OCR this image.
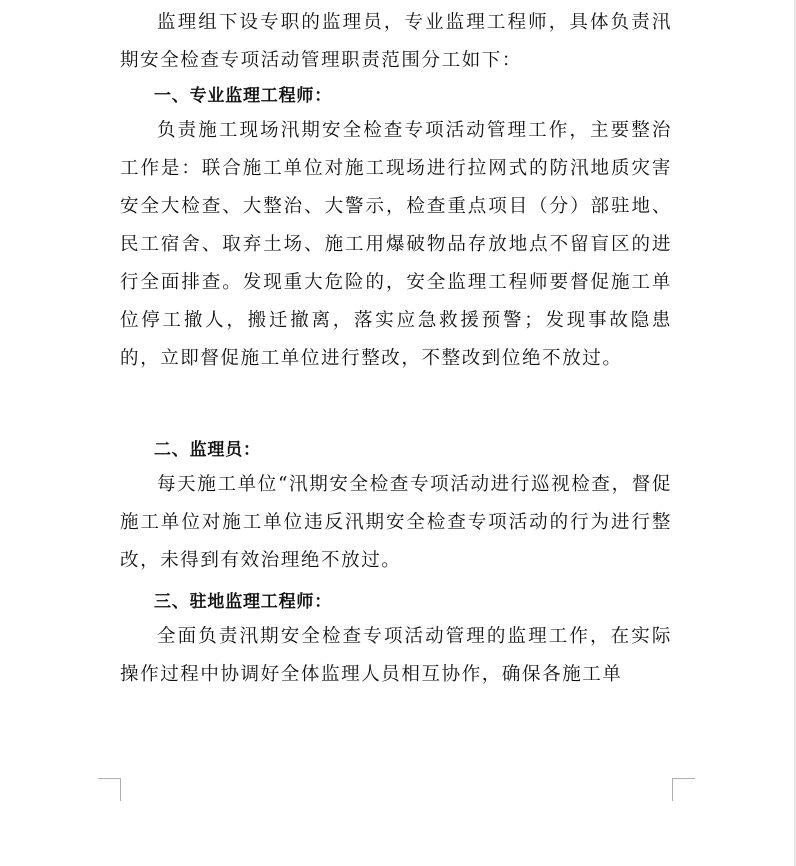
监理组下设专职的监理员，专业监理工程师，具体负责汛期安全检查专项活动管理职责范围分工如下：

一、专业监理工程师：

负责施工现场汛期安全检查专项活动管理工作，主要整治工作是：联合施工单位对施工现场进行拉网式的防汛地质灾害安全大检查、大整治、大警示，检查重点项目（分）部驻地、民工宿舍、取弃土场、施工用爆破物品存放地点不留盲区的进行全面排查。发现重大危险的，安全监理工程师要督促施工单位停工撤人，搬迁撤离，落实应急救援预警；发现事故隐患的，立即督促施工单位进行整改，不整改到位绝不放过。

二、监理员：

每天施工单位“汛期安全检查专项活动进行巡视检查，督促施工单位对施工单位违反汛期安全检查专项活动的行为进行整改，未得到有效治理绝不放过。

三、驻地监理工程师：

全面负责汛期安全检查专项活动管理的监理工作，在实际操作过程中协调好全体监理人员相互协作，确保各施工单
